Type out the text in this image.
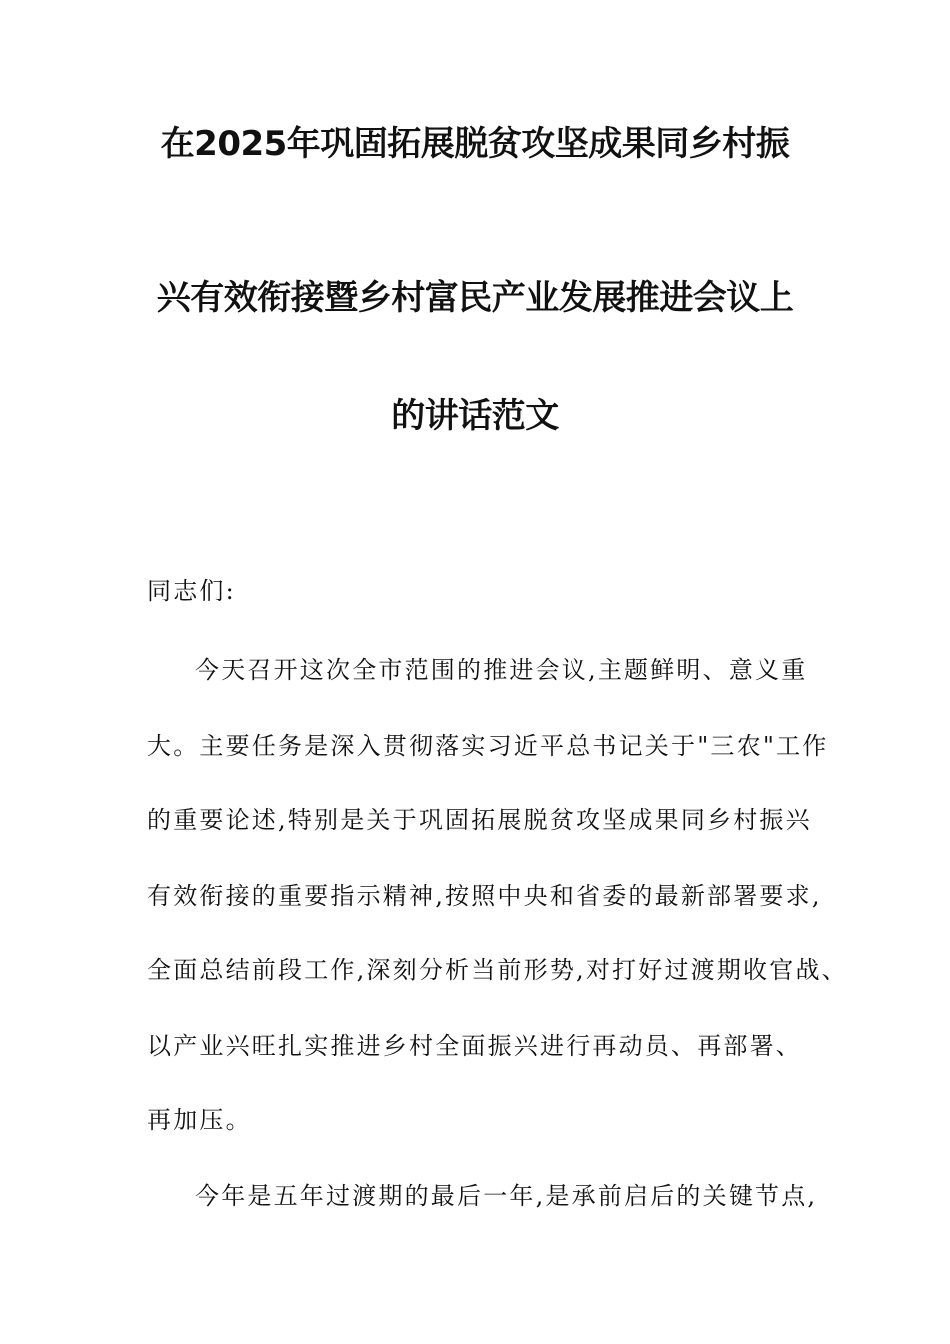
在2025年巩固拓展脱贫攻坚成果同乡村振
兴有效衔接暨乡村富民产业发展推进会议上
的讲话范文
同志们:
今天召开这次全市范围的推进会议,主题鲜明、意义重
大。主要任务是深入贯彻落实习近平总书记关于"三农"工作
的重要论述,特别是关于巩固拓展脱贫攻坚成果同乡村振兴
有效衔接的重要指示精神,按照中央和省委的最新部署要求,
全面总结前段工作,深刻分析当前形势,对打好过渡期收官战、
以产业兴旺扎实推进乡村全面振兴进行再动员、再部署、
再加压。
今年是五年过渡期的最后一年,是承前启后的关键节点,
